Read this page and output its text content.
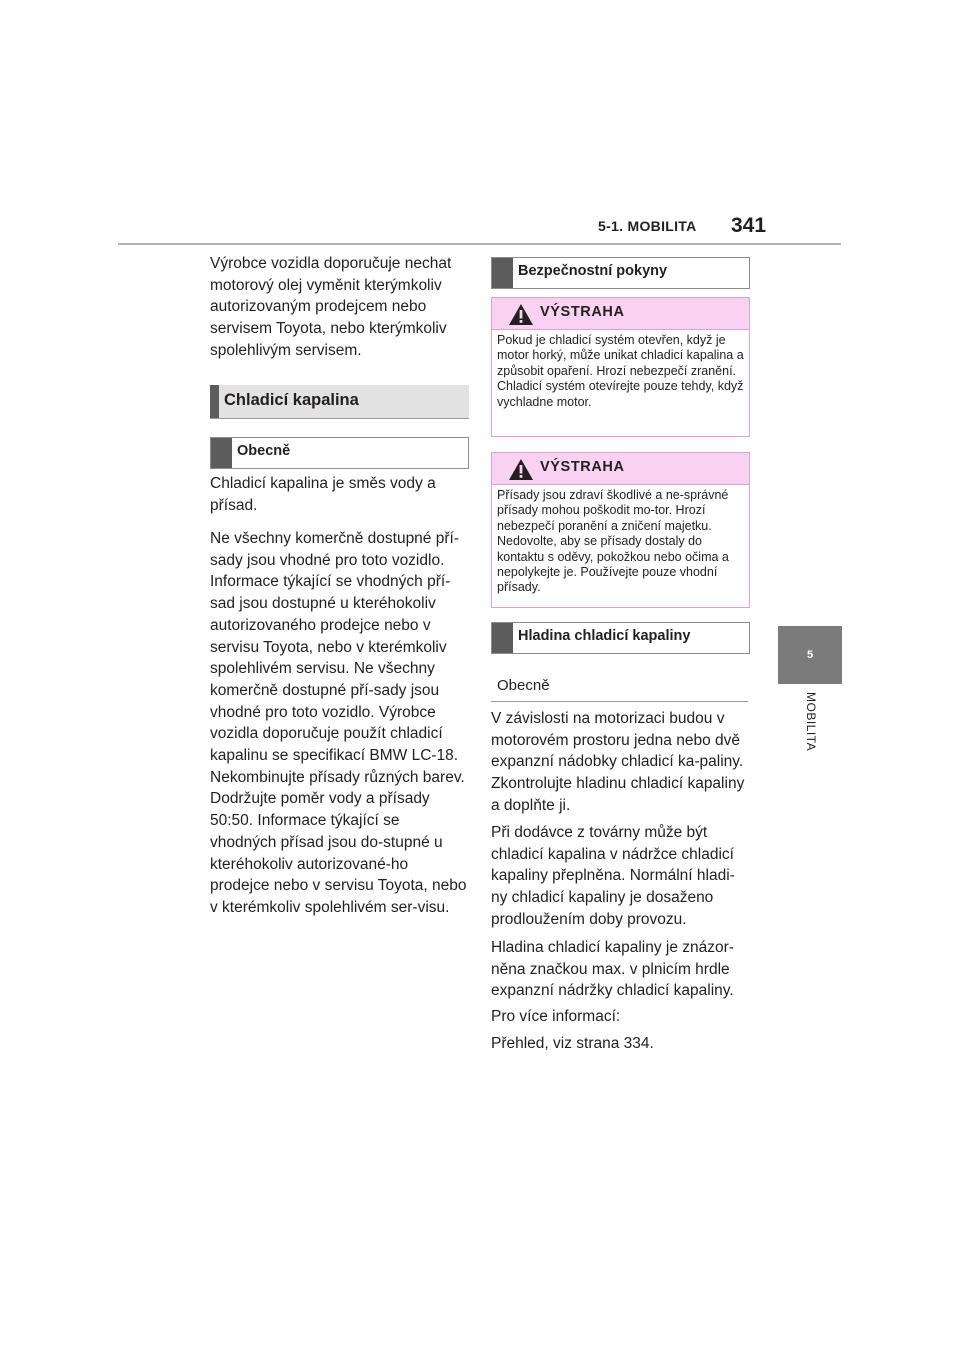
5-1. MOBILITA 341
5
MOBILITA
Výrobce vozidla doporučuje nechat motorový olej vyměnit kterýmkoliv autorizovaným prodejcem nebo servisem Toyota, nebo kterýmkoliv spolehlivým servisem.
Chladicí kapalina
Obecně
Chladicí kapalina je směs vody a přísad.
Ne všechny komerčně dostupné pří-sady jsou vhodné pro toto vozidlo. Informace týkající se vhodných pří-sad jsou dostupné u kteréhokoliv autorizovaného prodejce nebo v servisu Toyota, nebo v kterémkoliv spolehlivém servisu. Ne všechny komerčně dostupné pří-sady jsou vhodné pro toto vozidlo. Výrobce vozidla doporučuje použít chladicí kapalinu se specifikací BMW LC-18. Nekombinujte přísady různých barev. Dodržujte poměr vody a přísady 50:50. Informace týkající se vhodných přísad jsou do-stupné u kteréhokoliv autorizované-ho prodejce nebo v servisu Toyota, nebo v kterémkoliv spolehlivém ser-visu.
Bezpečnostní pokyny
VÝSTRAHA
Pokud je chladicí systém otevřen, když je motor horký, může unikat chladicí kapalina a způsobit opaření. Hrozí nebezpečí zranění. Chladicí systém otevírejte pouze tehdy, když vychladne motor.
VÝSTRAHA
Přísady jsou zdraví škodlivé a ne-správné přísady mohou poškodit mo-tor. Hrozí nebezpečí poranění a zničení majetku. Nedovolte, aby se přísady dostaly do kontaktu s oděvy, pokožkou nebo očima a nepolykejte je. Používejte pouze vhodní přísady.
Hladina chladicí kapaliny
Obecně
V závislosti na motorizaci budou v motorovém prostoru jedna nebo dvě expanzní nádobky chladicí ka-paliny. Zkontrolujte hladinu chladicí kapaliny a doplňte ji.
Při dodávce z továrny může být chladicí kapalina v nádržce chladicí kapaliny přeplněna. Normální hladi-ny chladicí kapaliny je dosaženo prodloužením doby provozu.
Hladina chladicí kapaliny je znázor-něna značkou max. v plnicím hrdle expanzní nádržky chladicí kapaliny.
Pro více informací:
Přehled, viz strana 334.
